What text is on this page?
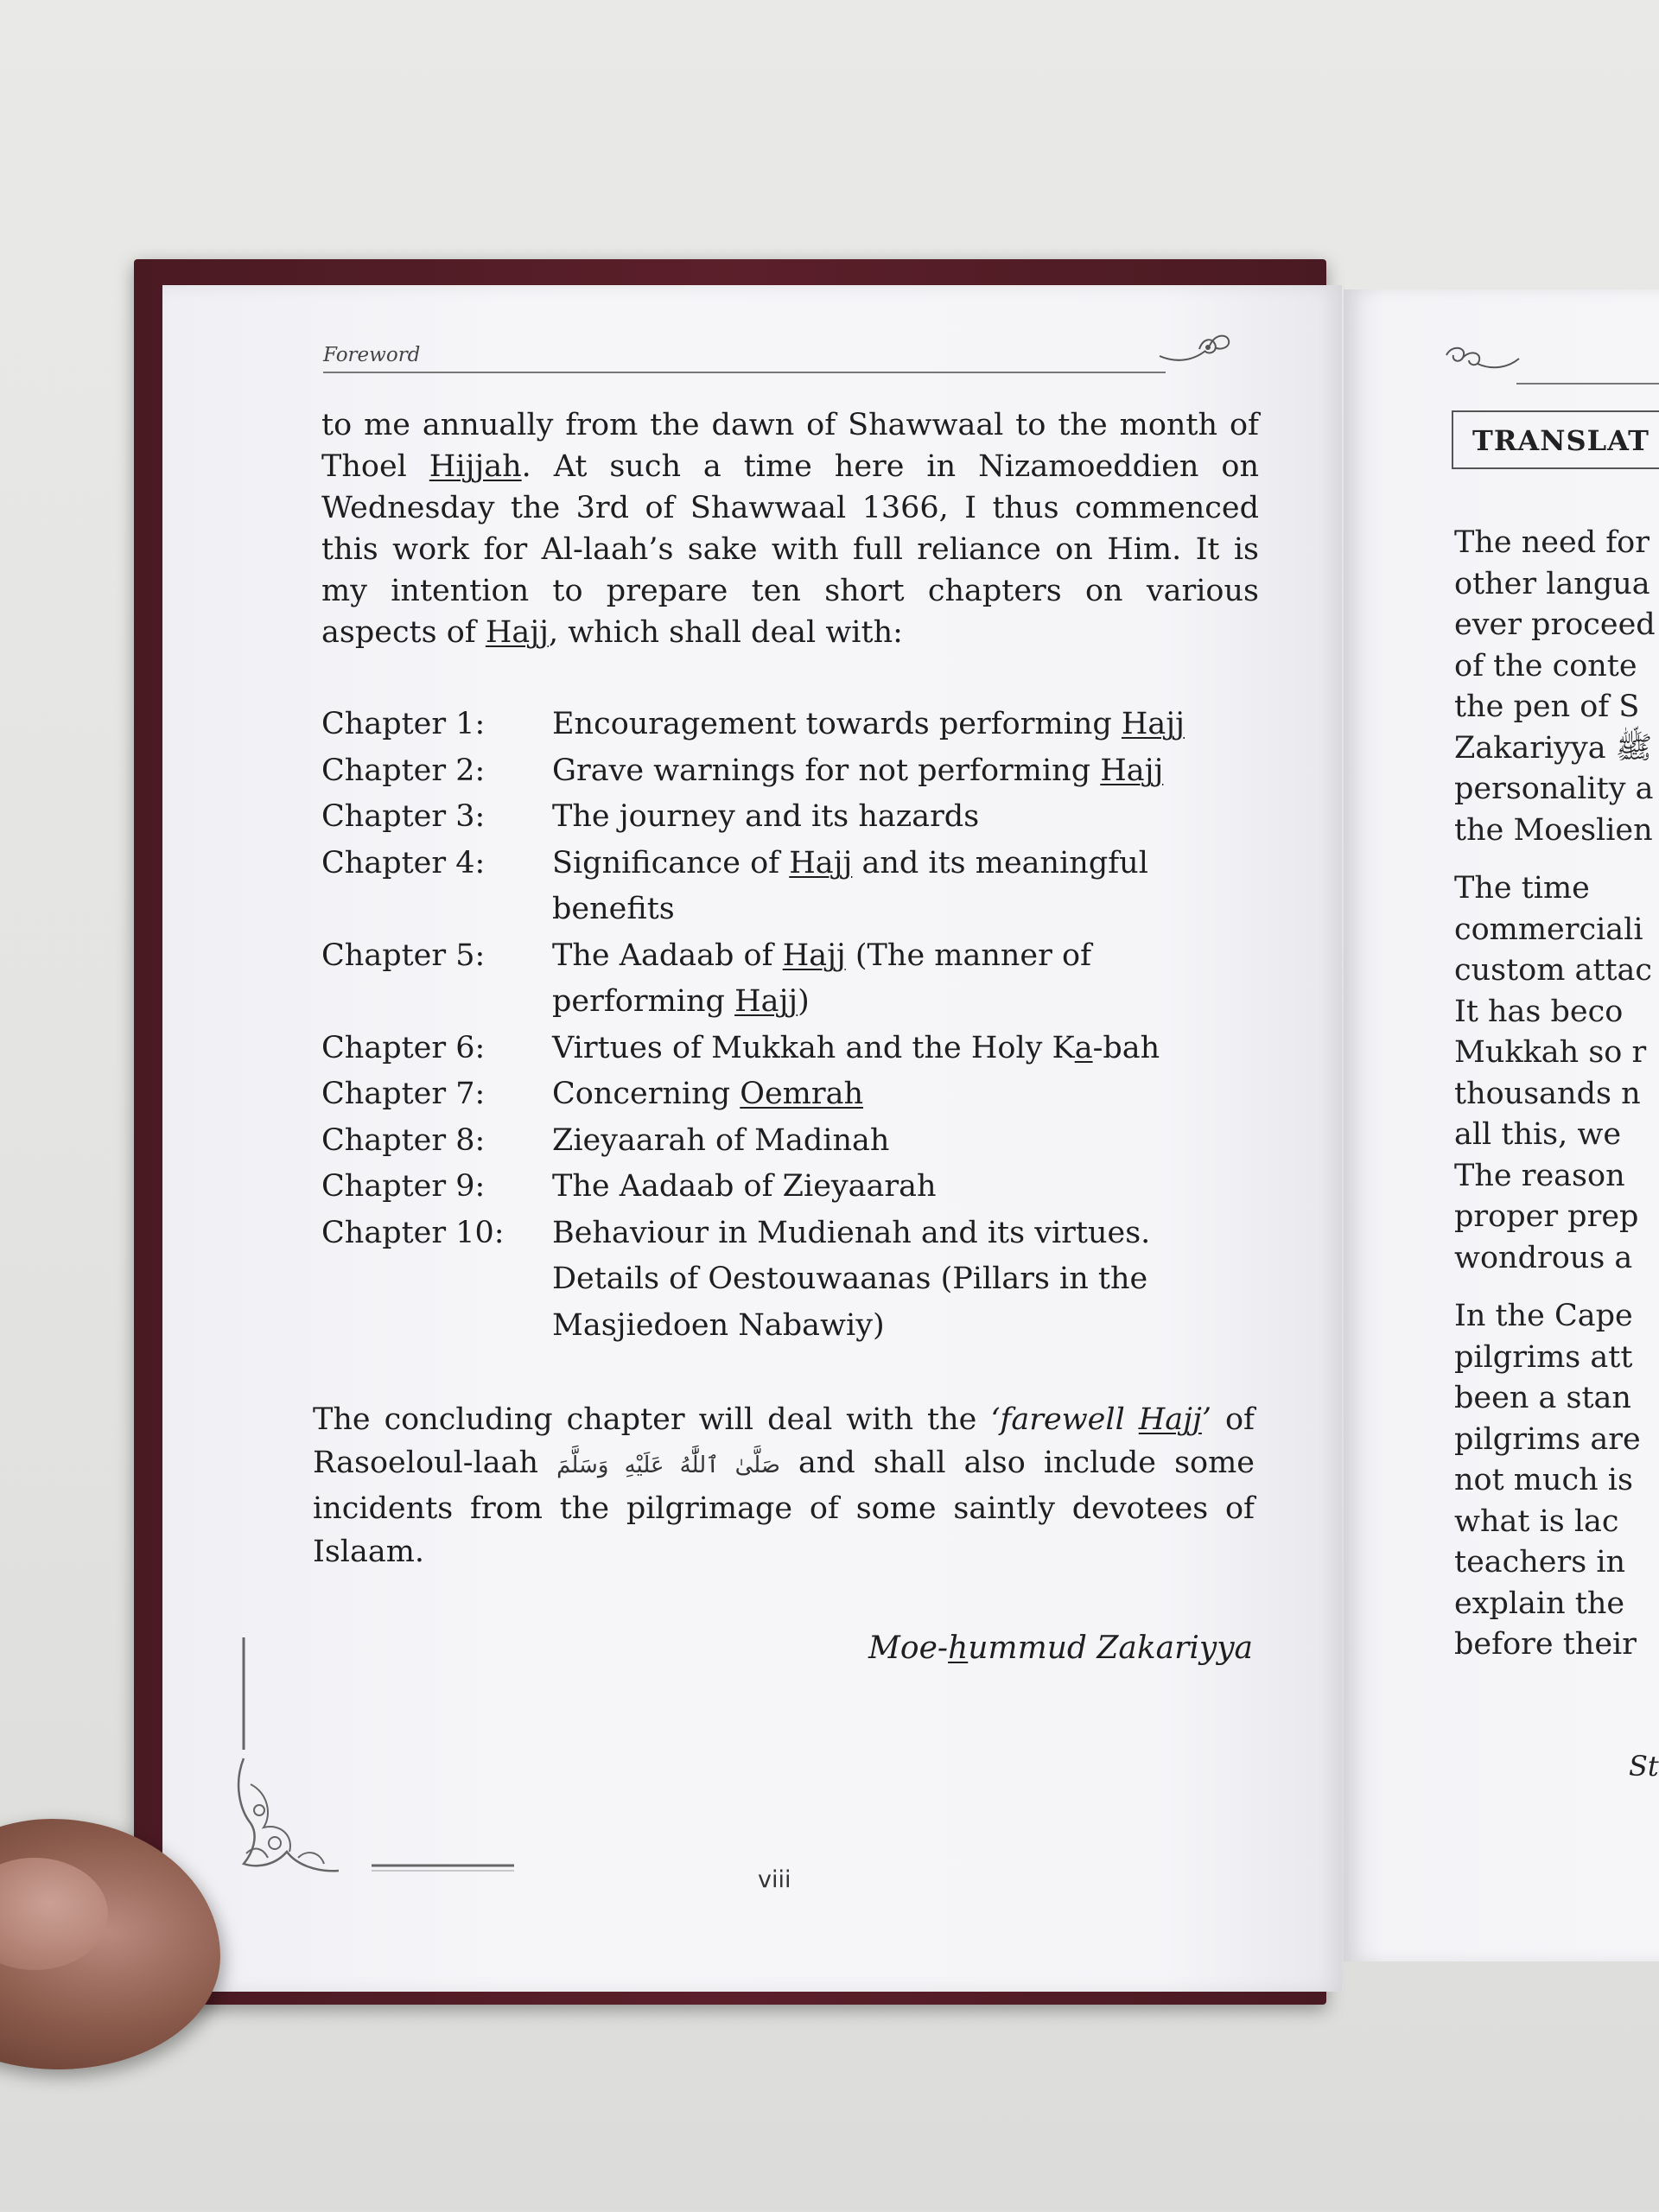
Foreword
to me annually from the dawn of Shawwaal to the month of Thoel Hijjah. At such a time here in Nizamoeddien on Wednesday the 3rd of Shawwaal 1366, I thus commenced this work for Al-laah’s sake with full reliance on Him. It is my intention to prepare ten short chapters on various aspects of Hajj, which shall deal with:
Chapter 1:	Encouragement towards performing Hajj
Chapter 2:	Grave warnings for not performing Hajj
Chapter 3:	The journey and its hazards
Chapter 4:	Significance of Hajj and its meaningful benefits
Chapter 5:	The Aadaab of Hajj (The manner of performing Hajj)
Chapter 6:	Virtues of Mukkah and the Holy Ka-bah
Chapter 7:	Concerning Oemrah
Chapter 8:	Zieyaarah of Madinah
Chapter 9:	The Aadaab of Zieyaarah
Chapter 10:	Behaviour in Mudienah and its virtues. Details of Oestouwaanas (Pillars in the Masjiedoen Nabawiy)
The concluding chapter will deal with the ‘farewell Hajj’ of Rasoeloul-laah صَلَّىٰ ٱللَّٰهُ عَلَيْهِ وَسَلَّمَ and shall also include some incidents from the pilgrimage of some saintly devotees of Islaam.
Moe-hummud Zakariyya
viii
TRANSLAT
The need for
other langua
ever proceed
of the conte
the pen of S
Zakariyya ﷺ
personality a
the Moeslien
The time
commerciali
custom attac
It has beco
Mukkah so r
thousands n
all this, we
The reason
proper prep
wondrous a
In the Cape
pilgrims att
been a stan
pilgrims are
not much is
what is lac
teachers in
explain the
before their
St
